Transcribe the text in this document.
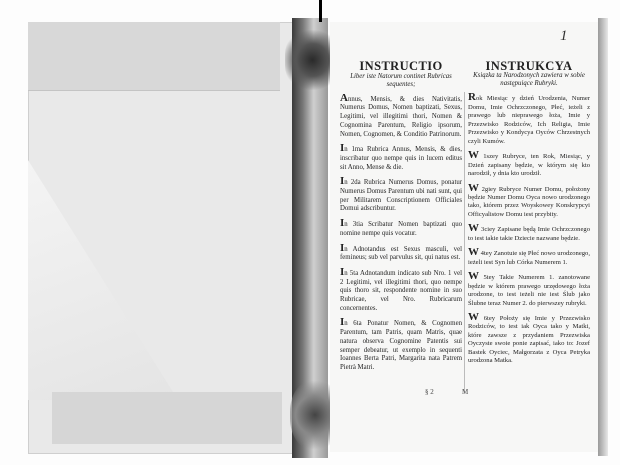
1
INSTRUCTIO
Liber iste Natorum continet Rubricas sequentes;

Annus, Mensis, & dies Nativitatis, Numerus Domus, Nomen baptizati, Sexus, Legitimi, vel illegitimi thori, Nomen & Cognomina Parentum, Religio ipsorum, Nomen, Cognomen, & Conditio Patrinorum.

In 1ma Rubrica Annus, Mensis, & dies, inscribatur quo nempe quis in lucem editus sit Anno, Mense & die.

In 2da Rubrica Numerus Domus, ponatur Numerus Domus Parentum ubi nati sunt, qui per Militarem Conscriptionem Officiales Domui adscribuntur.

In 3tia Scribatur Nomen baptizati quo nomine nempe quis vocatur.

In Adnotandus est Sexus masculi, vel femineus; sub vel parvulus sit, qui natus est.

In 5ta Adnotandum indicato sub Nro. 1 vel 2 Legitimi, vel illegitimi thori, quo nempe quis thoro sit, respondente nomine in suo Rubricae, vel Nro. Rubricarum concernentes.

In 6ta Ponatur Nomen, & Cognomen Parentum, tam Patris, quam Matris, quae natura observa Cognomine Patentis sui semper debeatur, ut exemplo in sequenti Ioannes Berta Patri, Margarita nata Patrem Pietrà Matri.

INSTRUKCYA
Ksiązka ta Narodzonych zawiera w sobie następuiące Rubryki.

Rok Miesiąc y dzień Urodzenia, Numer Domu, Imie Ochrzczonego, Płeć, ieżeli z prawego lub nieprawego łoża, Imie y Przezwisko Rodziców, Ich Religia, Imie Przezwisko y Kondycya Oyców Chrzestnych czyli Kumów.

W 1szey Rubryce, ten Rok, Miesiąc, y Dzień zapisany będzie, w którym się kto narodził, y dnia kto urodził.

W 2giey Rubryce Numer Domu, położony będzie Numer Domu Oyca nowo urodzonego tako, którem przez Woyskowey Konskrypcyi Officyalistow Domu iest przybity.

W 3ciey Zapisane będą Imie Ochrzczonego to iest iakie takie Dziecie nazwane będzie.

W 4tey Zanotuie się Płeć nowo urodzonego, ieżeli iest Syn lub Córka Numerem 1.

W 5tey Takie Numerem 1. zanotowane będzie w którem prawego urzędowego łoża urodzone, to iest ieżeli nie iest Ślub jako Ślubne teraz Numer 2. do pierwszey rubryki.

W 6tey Położy się Imie y Przezwisko Rodziców, to iest iak Oyca tako y Matki, które zawsze z przydaniem Przezwiska Oyczyste swoie ponie zapisać, iako to: Jozef Bastek Oyciec, Małgorzata z Oyca Petryka urodzona Matka.

§ 2	M
